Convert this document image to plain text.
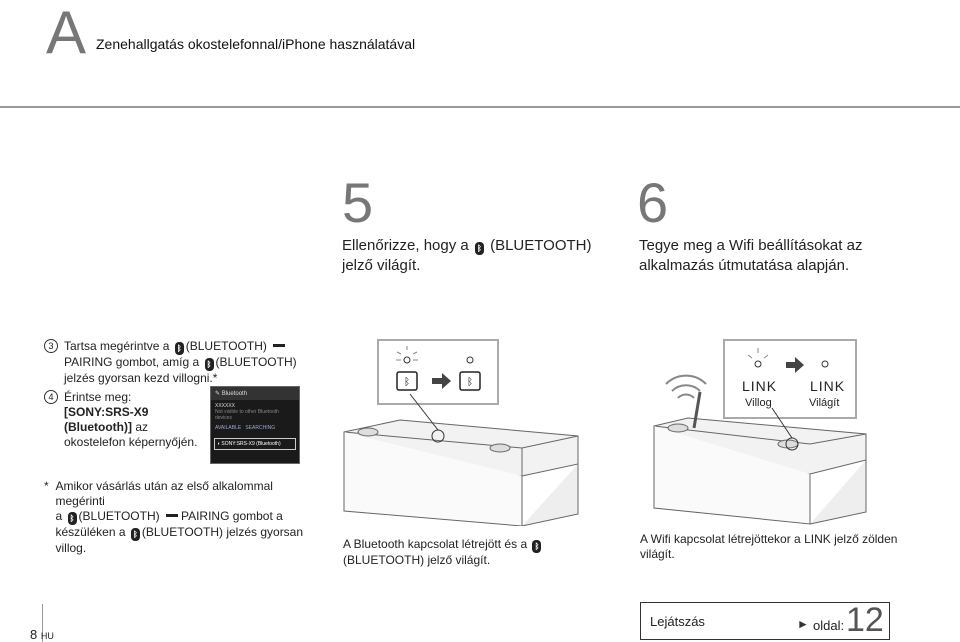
A Zenehallgatás okostelefonnal/iPhone használatával
5
Ellenőrizze, hogy a ᛒ (BLUETOOTH)
jelző világít.
6
Tegye meg a Wifi beállításokat az
alkalmazás útmutatása alapján.
3 Tartsa megérintve a ᛒ (BLUETOOTH)
PAIRING gombot, amíg a ᛒ (BLUETOOTH)
jelzés gyorsan kezd villogni.*
4 Érintse meg:
[SONY:SRS-X9
(Bluetooth)] az
okostelefon képernyőjén.
✎ Bluetooth
XXXXXX
Not visible to other Bluetooth devices
AVAILABLE SEARCHING
◖ SONY:SRS-X9 (Bluetooth)
ᛒ	ᛒ	LINK LINK
Villog	Világít
* Amikor vásárlás után az első alkalommal megérinti
a ᛒ (BLUETOOTH) PAIRING gombot a
készüléken a ᛒ (BLUETOOTH) jelzés gyorsan
villog.	A Bluetooth kapcsolat létrejött és a ᛒ
(BLUETOOTH) jelző világít.
A Wifi kapcsolat létrejöttekor a LINK jelző zölden
világít.
8 HU
Lejátszás	► oldal: 12
